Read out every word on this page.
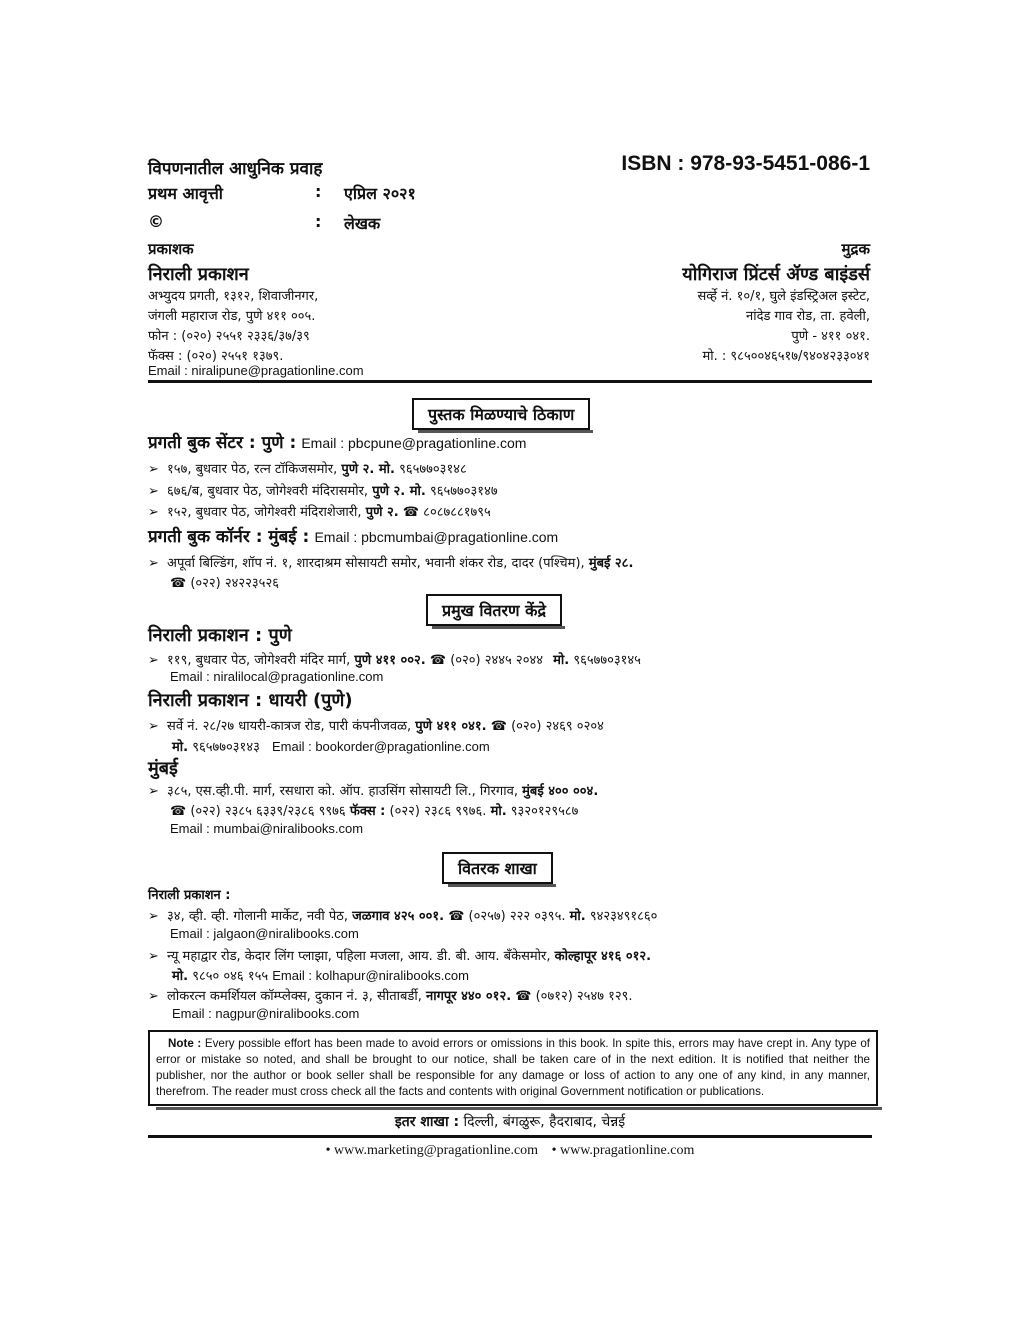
विपणनातील आधुनिक प्रवाह	ISBN : 978-93-5451-086-1
प्रथम आवृत्ती	: एप्रिल २०२१
©	: लेखक
प्रकाशक
निराली प्रकाशन
अभ्युदय प्रगती, १३१२, शिवाजीनगर,
जंगली महाराज रोड, पुणे ४११ ००५.
फोन : (०२०) २५५१ २३३६/३७/३९
फॅक्स : (०२०) २५५१ १३७९.
Email : niralipune@pragationline.com
मुद्रक
योगिराज प्रिंटर्स ॲण्ड बाइंडर्स
सर्व्हे नं. १०/१, घुले इंडस्ट्रिअल इस्टेट,
नांदेड गाव रोड, ता. हवेली,
पुणे - ४११ ०४१.
मो. : ९८५००४६५१७/९४०४२३३०४१
पुस्तक मिळण्याचे ठिकाण
प्रगती बुक सेंटर : पुणे : Email : pbcpune@pragationline.com
➢ १५७, बुधवार पेठ, रत्न टॉकिजसमोर, पुणे २. मो. ९६५७७०३१४८
➢ ६७६/ब, बुधवार पेठ, जोगेश्वरी मंदिरासमोर, पुणे २. मो. ९६५७७०३१४७
➢ १५२, बुधवार पेठ, जोगेश्वरी मंदिराशेजारी, पुणे २. ☎ ८०८७८८१७९५
प्रगती बुक कॉर्नर : मुंबई : Email : pbcmumbai@pragationline.com
➢ अपूर्वा बिल्डिंग, शॉप नं. १, शारदाश्रम सोसायटी समोर, भवानी शंकर रोड, दादर (पश्चिम), मुंबई २८.
☎ (०२२) २४२२३५२६
प्रमुख वितरण केंद्रे
निराली प्रकाशन : पुणे
➢ ११९, बुधवार पेठ, जोगेश्वरी मंदिर मार्ग, पुणे ४११ ००२. ☎ (०२०) २४४५ २०४४ मो. ९६५७७०३१४५
Email : niralilocal@pragationline.com
निराली प्रकाशन : धायरी (पुणे)
➢ सर्वे नं. २८/२७ धायरी-कात्रज रोड, पारी कंपनीजवळ, पुणे ४११ ०४१. ☎ (०२०) २४६९ ०२०४
मो. ९६५७७०३१४३ Email : bookorder@pragationline.com
मुंबई
➢ ३८५, एस.व्ही.पी. मार्ग, रसधारा को. ऑप. हाउसिंग सोसायटी लि., गिरगाव, मुंबई ४०० ००४.
☎ (०२२) २३८५ ६३३९/२३८६ ९९७६ फॅक्स : (०२२) २३८६ ९९७६. मो. ९३२०१२९५८७
Email : mumbai@niralibooks.com
वितरक शाखा
निराली प्रकाशन :
➢ ३४, व्ही. व्ही. गोलानी मार्केट, नवी पेठ, जळगाव ४२५ ००१. ☎ (०२५७) २२२ ०३९५. मो. ९४२३४९१८६०
Email : jalgaon@niralibooks.com
➢ न्यू महाद्वार रोड, केदार लिंग प्लाझा, पहिला मजला, आय. डी. बी. आय. बँकेसमोर, कोल्हापूर ४१६ ०१२.
मो. ९८५० ०४६ १५५ Email : kolhapur@niralibooks.com
➢ लोकरत्न कमर्शियल कॉम्प्लेक्स, दुकान नं. ३, सीताबर्डी, नागपूर ४४० ०१२. ☎ (०७१२) २५४७ १२९.
Email : nagpur@niralibooks.com
Note : Every possible effort has been made to avoid errors or omissions in this book. In spite this, errors may have crept in. Any type of error or mistake so noted, and shall be brought to our notice, shall be taken care of in the next edition. It is notified that neither the publisher, nor the author or book seller shall be responsible for any damage or loss of action to any one of any kind, in any manner, therefrom. The reader must cross check all the facts and contents with original Government notification or publications.
इतर शाखा : दिल्ली, बंगळुरू, हैदराबाद, चेन्नई
• www.marketing@pragationline.com • www.pragationline.com
